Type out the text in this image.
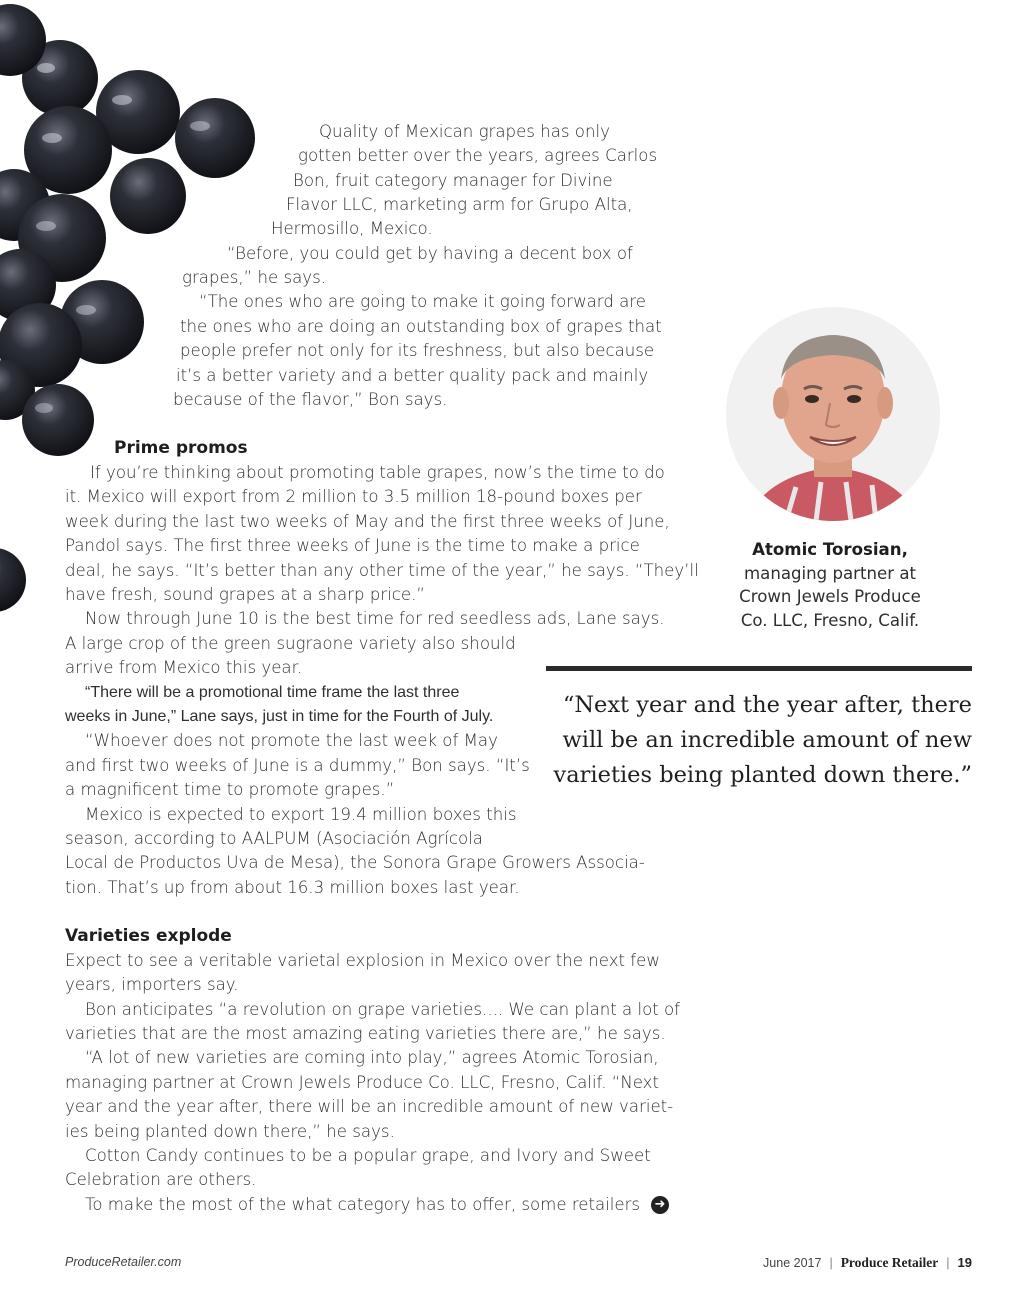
Quality of Mexican grapes has only
gotten better over the years, agrees Carlos
Bon, fruit category manager for Divine
Flavor LLC, marketing arm for Grupo Alta,
Hermosillo, Mexico.
“Before, you could get by having a decent box of
grapes,” he says.
“The ones who are going to make it going forward are
the ones who are doing an outstanding box of grapes that
people prefer not only for its freshness, but also because
it’s a better variety and a better quality pack and mainly
because of the flavor,” Bon says.
Prime promos
If you’re thinking about promoting table grapes, now’s the time to do
it. Mexico will export from 2 million to 3.5 million 18-pound boxes per
week during the last two weeks of May and the first three weeks of June,
Pandol says. The first three weeks of June is the time to make a price
deal, he says. “It’s better than any other time of the year,” he says. “They’ll
have fresh, sound grapes at a sharp price.”
Now through June 10 is the best time for red seedless ads, Lane says.
A large crop of the green sugraone variety also should
arrive from Mexico this year.
“There will be a promotional time frame the last three
weeks in June,” Lane says, just in time for the Fourth of July.
“Whoever does not promote the last week of May
and first two weeks of June is a dummy,” Bon says. “It’s
a magnificent time to promote grapes.”
Mexico is expected to export 19.4 million boxes this
season, according to AALPUM (Asociación Agrícola
Local de Productos Uva de Mesa), the Sonora Grape Growers Associa-
tion. That’s up from about 16.3 million boxes last year.
Varieties explode
Expect to see a veritable varietal explosion in Mexico over the next few
years, importers say.
Bon anticipates “a revolution on grape varieties.... We can plant a lot of
varieties that are the most amazing eating varieties there are,” he says.
“A lot of new varieties are coming into play,” agrees Atomic Torosian,
managing partner at Crown Jewels Produce Co. LLC, Fresno, Calif. “Next
year and the year after, there will be an incredible amount of new variet-
ies being planted down there,” he says.
Cotton Candy continues to be a popular grape, and Ivory and Sweet
Celebration are others.
To make the most of the what category has to offer, some retailers ➜
Atomic Torosian,
managing partner at
Crown Jewels Produce
Co. LLC, Fresno, Calif.
“Next year and the year after, there
will be an incredible amount of new
varieties being planted down there.”
ProduceRetailer.com	June 2017 | Produce Retailer | 19
